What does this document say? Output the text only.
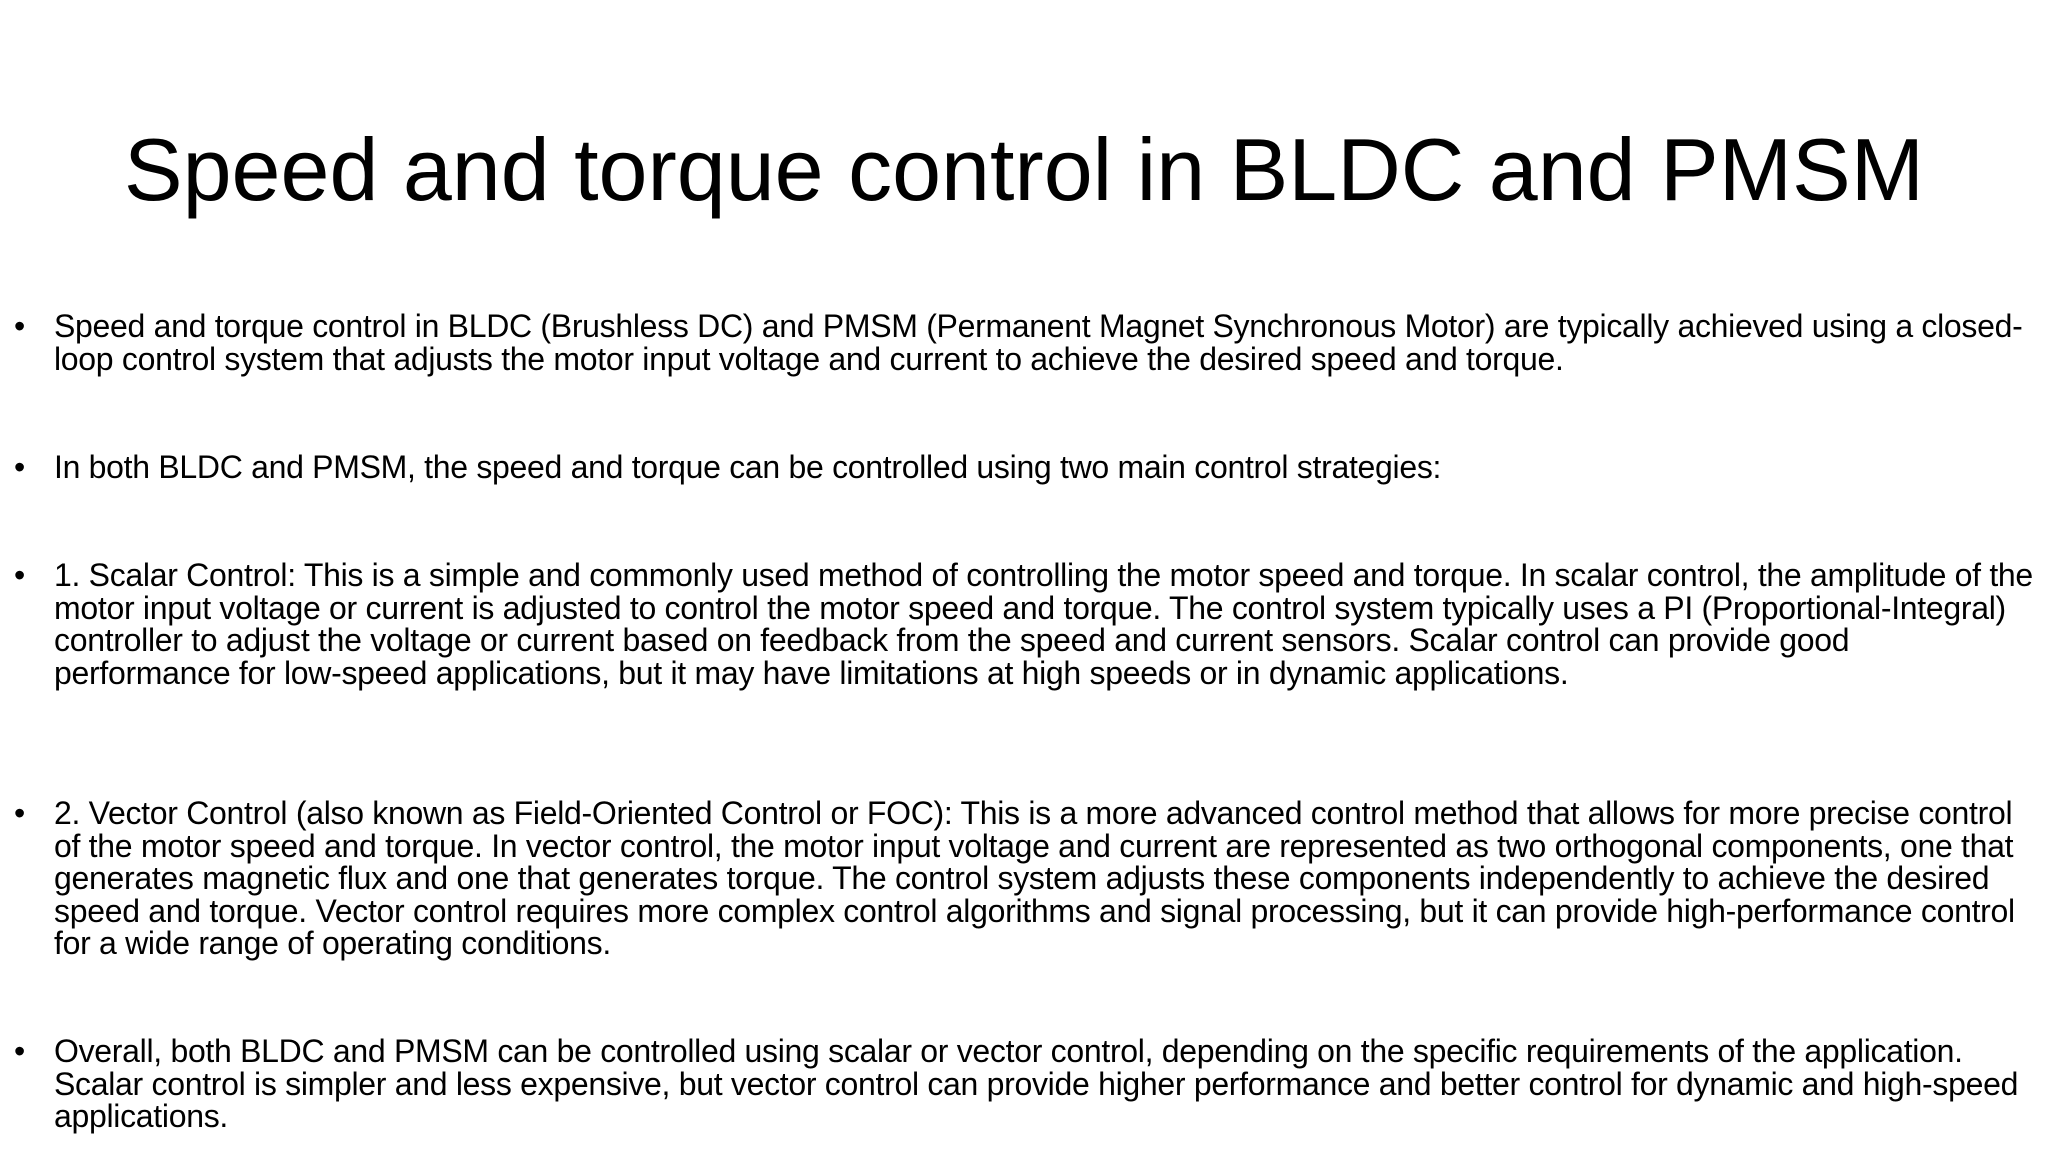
Speed and torque control in BLDC and PMSM
• Speed and torque control in BLDC (Brushless DC) and PMSM (Permanent Magnet Synchronous Motor) are typically achieved using a closed-loop control system that adjusts the motor input voltage and current to achieve the desired speed and torque.
• In both BLDC and PMSM, the speed and torque can be controlled using two main control strategies:
• 1. Scalar Control: This is a simple and commonly used method of controlling the motor speed and torque. In scalar control, the amplitude of the motor input voltage or current is adjusted to control the motor speed and torque. The control system typically uses a PI (Proportional-Integral) controller to adjust the voltage or current based on feedback from the speed and current sensors. Scalar control can provide good performance for low-speed applications, but it may have limitations at high speeds or in dynamic applications.
• 2. Vector Control (also known as Field-Oriented Control or FOC): This is a more advanced control method that allows for more precise control of the motor speed and torque. In vector control, the motor input voltage and current are represented as two orthogonal components, one that generates magnetic flux and one that generates torque. The control system adjusts these components independently to achieve the desired speed and torque. Vector control requires more complex control algorithms and signal processing, but it can provide high-performance control for a wide range of operating conditions.
• Overall, both BLDC and PMSM can be controlled using scalar or vector control, depending on the specific requirements of the application. Scalar control is simpler and less expensive, but vector control can provide higher performance and better control for dynamic and high-speed applications.
